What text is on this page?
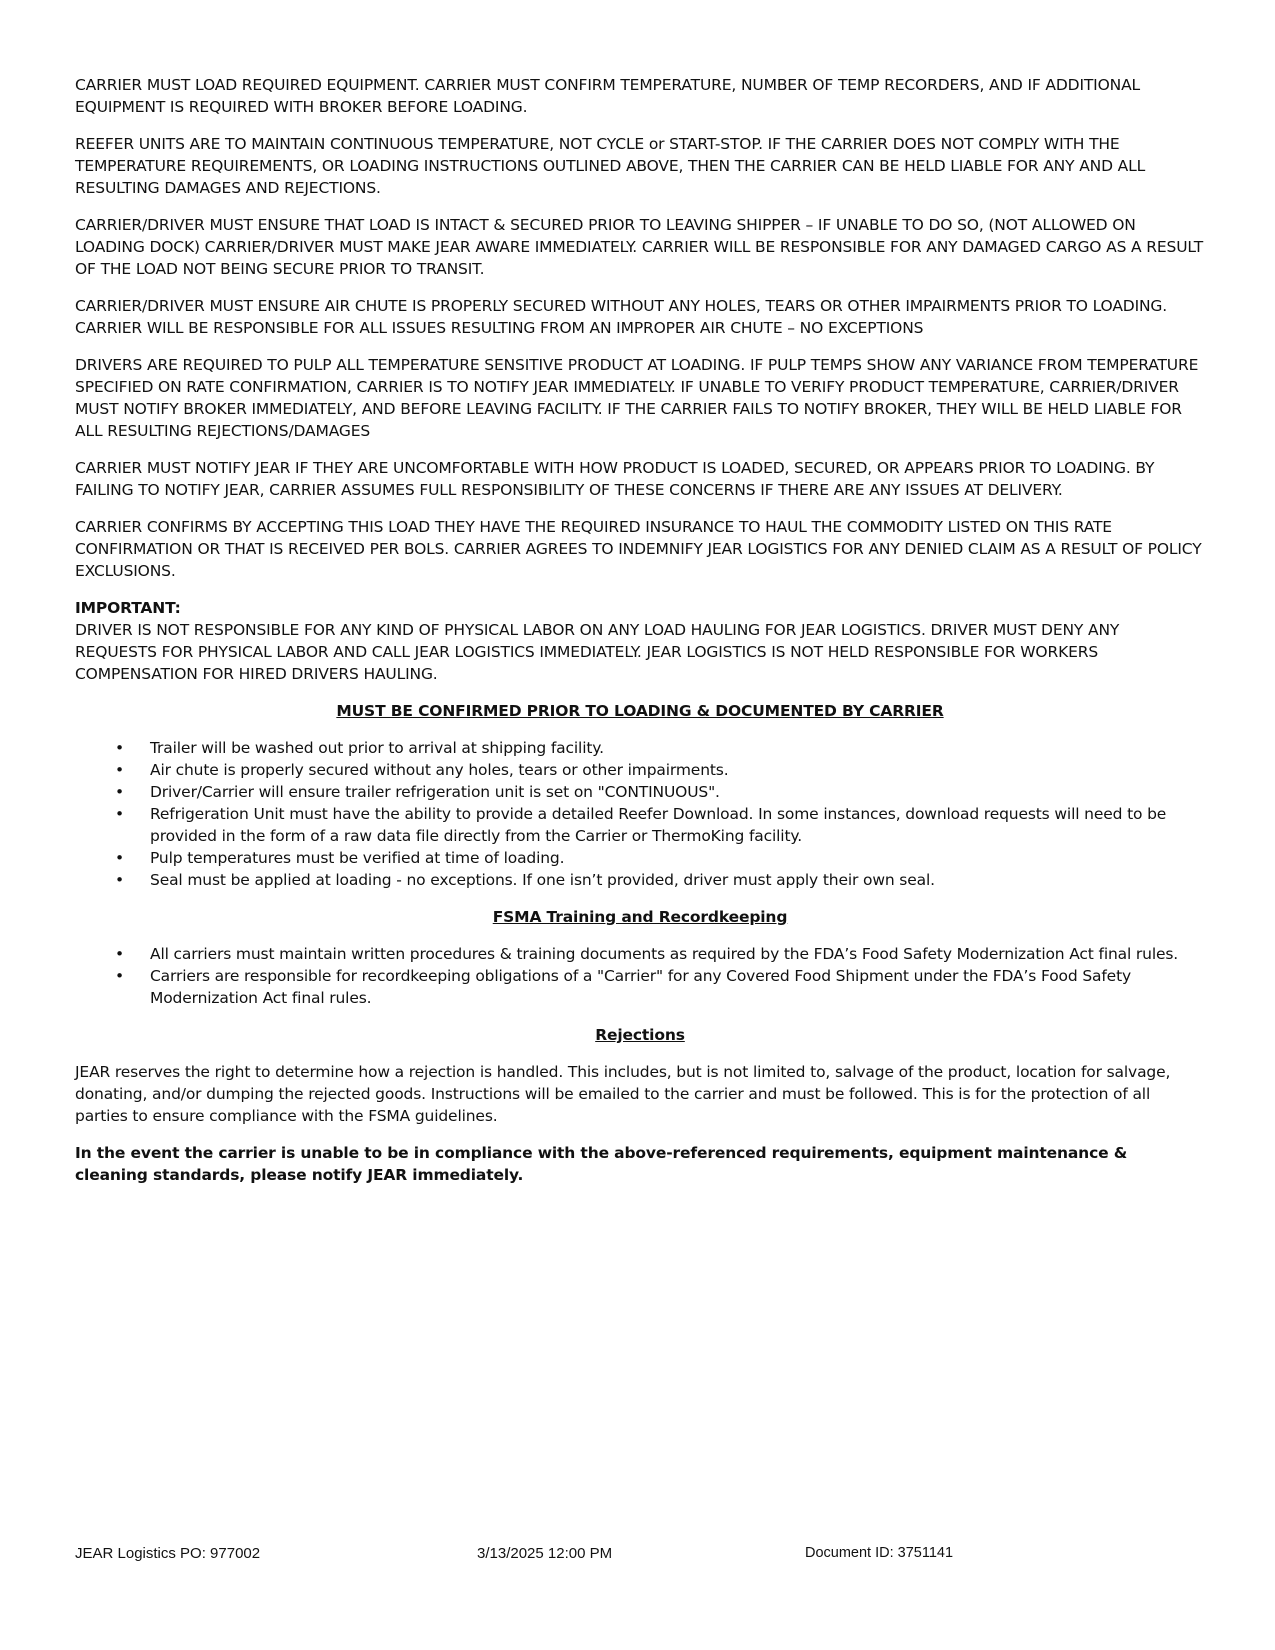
CARRIER MUST LOAD REQUIRED EQUIPMENT. CARRIER MUST CONFIRM TEMPERATURE, NUMBER OF TEMP RECORDERS, AND IF ADDITIONAL EQUIPMENT IS REQUIRED WITH BROKER BEFORE LOADING.

REEFER UNITS ARE TO MAINTAIN CONTINUOUS TEMPERATURE, NOT CYCLE or START-STOP. IF THE CARRIER DOES NOT COMPLY WITH THE TEMPERATURE REQUIREMENTS, OR LOADING INSTRUCTIONS OUTLINED ABOVE, THEN THE CARRIER CAN BE HELD LIABLE FOR ANY AND ALL RESULTING DAMAGES AND REJECTIONS.

CARRIER/DRIVER MUST ENSURE THAT LOAD IS INTACT & SECURED PRIOR TO LEAVING SHIPPER – IF UNABLE TO DO SO, (NOT ALLOWED ON LOADING DOCK) CARRIER/DRIVER MUST MAKE JEAR AWARE IMMEDIATELY. CARRIER WILL BE RESPONSIBLE FOR ANY DAMAGED CARGO AS A RESULT OF THE LOAD NOT BEING SECURE PRIOR TO TRANSIT.

CARRIER/DRIVER MUST ENSURE AIR CHUTE IS PROPERLY SECURED WITHOUT ANY HOLES, TEARS OR OTHER IMPAIRMENTS PRIOR TO LOADING. CARRIER WILL BE RESPONSIBLE FOR ALL ISSUES RESULTING FROM AN IMPROPER AIR CHUTE – NO EXCEPTIONS

DRIVERS ARE REQUIRED TO PULP ALL TEMPERATURE SENSITIVE PRODUCT AT LOADING. IF PULP TEMPS SHOW ANY VARIANCE FROM TEMPERATURE SPECIFIED ON RATE CONFIRMATION, CARRIER IS TO NOTIFY JEAR IMMEDIATELY. IF UNABLE TO VERIFY PRODUCT TEMPERATURE, CARRIER/DRIVER MUST NOTIFY BROKER IMMEDIATELY, AND BEFORE LEAVING FACILITY. IF THE CARRIER FAILS TO NOTIFY BROKER, THEY WILL BE HELD LIABLE FOR ALL RESULTING REJECTIONS/DAMAGES

CARRIER MUST NOTIFY JEAR IF THEY ARE UNCOMFORTABLE WITH HOW PRODUCT IS LOADED, SECURED, OR APPEARS PRIOR TO LOADING. BY FAILING TO NOTIFY JEAR, CARRIER ASSUMES FULL RESPONSIBILITY OF THESE CONCERNS IF THERE ARE ANY ISSUES AT DELIVERY.

CARRIER CONFIRMS BY ACCEPTING THIS LOAD THEY HAVE THE REQUIRED INSURANCE TO HAUL THE COMMODITY LISTED ON THIS RATE CONFIRMATION OR THAT IS RECEIVED PER BOLS. CARRIER AGREES TO INDEMNIFY JEAR LOGISTICS FOR ANY DENIED CLAIM AS A RESULT OF POLICY EXCLUSIONS.

IMPORTANT:

DRIVER IS NOT RESPONSIBLE FOR ANY KIND OF PHYSICAL LABOR ON ANY LOAD HAULING FOR JEAR LOGISTICS. DRIVER MUST DENY ANY REQUESTS FOR PHYSICAL LABOR AND CALL JEAR LOGISTICS IMMEDIATELY. JEAR LOGISTICS IS NOT HELD RESPONSIBLE FOR WORKERS COMPENSATION FOR HIRED DRIVERS HAULING.

MUST BE CONFIRMED PRIOR TO LOADING & DOCUMENTED BY CARRIER

• Trailer will be washed out prior to arrival at shipping facility.
• Air chute is properly secured without any holes, tears or other impairments.
• Driver/Carrier will ensure trailer refrigeration unit is set on "CONTINUOUS".
• Refrigeration Unit must have the ability to provide a detailed Reefer Download. In some instances, download requests will need to be provided in the form of a raw data file directly from the Carrier or ThermoKing facility.
• Pulp temperatures must be verified at time of loading.
• Seal must be applied at loading - no exceptions. If one isn’t provided, driver must apply their own seal.

FSMA Training and Recordkeeping

• All carriers must maintain written procedures & training documents as required by the FDA’s Food Safety Modernization Act final rules.
• Carriers are responsible for recordkeeping obligations of a "Carrier" for any Covered Food Shipment under the FDA’s Food Safety Modernization Act final rules.

Rejections

JEAR reserves the right to determine how a rejection is handled. This includes, but is not limited to, salvage of the product, location for salvage, donating, and/or dumping the rejected goods. Instructions will be emailed to the carrier and must be followed. This is for the protection of all parties to ensure compliance with the FSMA guidelines.

In the event the carrier is unable to be in compliance with the above-referenced requirements, equipment maintenance & cleaning standards, please notify JEAR immediately.

JEAR Logistics PO: 977002	3/13/2025 12:00 PM	Document ID: 3751141
